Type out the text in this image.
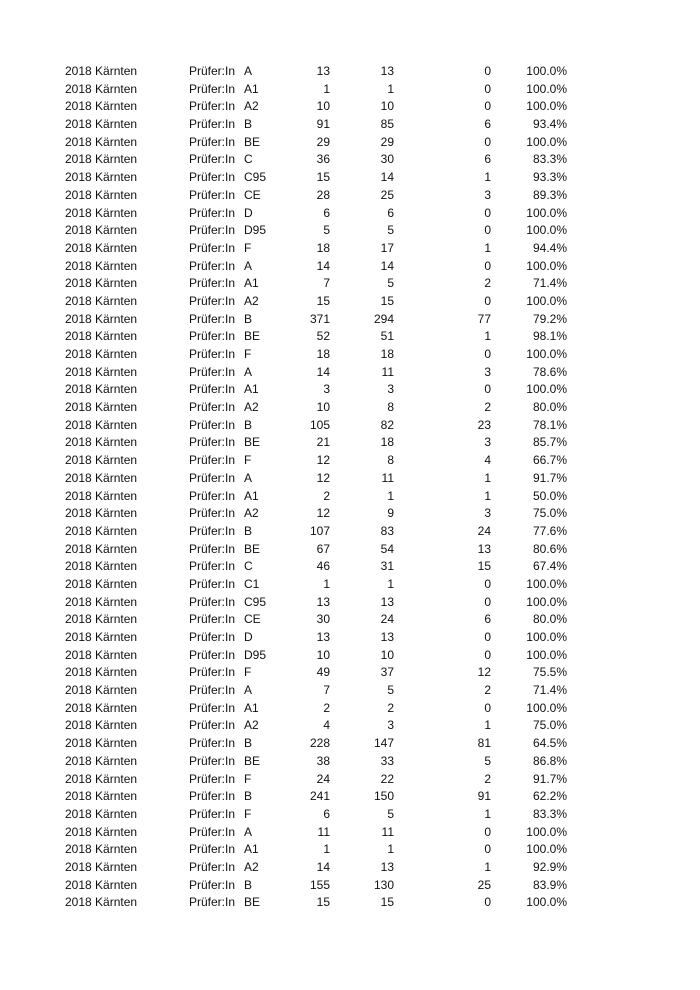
2018 Kärnten	Prüfer:In A	13	13	0	100.0%
2018 Kärnten	Prüfer:In A1	1	1	0	100.0%
2018 Kärnten	Prüfer:In A2	10	10	0	100.0%
2018 Kärnten	Prüfer:In B	91	85	6	93.4%
2018 Kärnten	Prüfer:In BE	29	29	0	100.0%
2018 Kärnten	Prüfer:In C	36	30	6	83.3%
2018 Kärnten	Prüfer:In C95	15	14	1	93.3%
2018 Kärnten	Prüfer:In CE	28	25	3	89.3%
2018 Kärnten	Prüfer:In D	6	6	0	100.0%
2018 Kärnten	Prüfer:In D95	5	5	0	100.0%
2018 Kärnten	Prüfer:In F	18	17	1	94.4%
2018 Kärnten	Prüfer:In A	14	14	0	100.0%
2018 Kärnten	Prüfer:In A1	7	5	2	71.4%
2018 Kärnten	Prüfer:In A2	15	15	0	100.0%
2018 Kärnten	Prüfer:In B	371	294	77	79.2%
2018 Kärnten	Prüfer:In BE	52	51	1	98.1%
2018 Kärnten	Prüfer:In F	18	18	0	100.0%
2018 Kärnten	Prüfer:In A	14	11	3	78.6%
2018 Kärnten	Prüfer:In A1	3	3	0	100.0%
2018 Kärnten	Prüfer:In A2	10	8	2	80.0%
2018 Kärnten	Prüfer:In B	105	82	23	78.1%
2018 Kärnten	Prüfer:In BE	21	18	3	85.7%
2018 Kärnten	Prüfer:In F	12	8	4	66.7%
2018 Kärnten	Prüfer:In A	12	11	1	91.7%
2018 Kärnten	Prüfer:In A1	2	1	1	50.0%
2018 Kärnten	Prüfer:In A2	12	9	3	75.0%
2018 Kärnten	Prüfer:In B	107	83	24	77.6%
2018 Kärnten	Prüfer:In BE	67	54	13	80.6%
2018 Kärnten	Prüfer:In C	46	31	15	67.4%
2018 Kärnten	Prüfer:In C1	1	1	0	100.0%
2018 Kärnten	Prüfer:In C95	13	13	0	100.0%
2018 Kärnten	Prüfer:In CE	30	24	6	80.0%
2018 Kärnten	Prüfer:In D	13	13	0	100.0%
2018 Kärnten	Prüfer:In D95	10	10	0	100.0%
2018 Kärnten	Prüfer:In F	49	37	12	75.5%
2018 Kärnten	Prüfer:In A	7	5	2	71.4%
2018 Kärnten	Prüfer:In A1	2	2	0	100.0%
2018 Kärnten	Prüfer:In A2	4	3	1	75.0%
2018 Kärnten	Prüfer:In B	228	147	81	64.5%
2018 Kärnten	Prüfer:In BE	38	33	5	86.8%
2018 Kärnten	Prüfer:In F	24	22	2	91.7%
2018 Kärnten	Prüfer:In B	241	150	91	62.2%
2018 Kärnten	Prüfer:In F	6	5	1	83.3%
2018 Kärnten	Prüfer:In A	11	11	0	100.0%
2018 Kärnten	Prüfer:In A1	1	1	0	100.0%
2018 Kärnten	Prüfer:In A2	14	13	1	92.9%
2018 Kärnten	Prüfer:In B	155	130	25	83.9%
2018 Kärnten	Prüfer:In BE	15	15	0	100.0%
